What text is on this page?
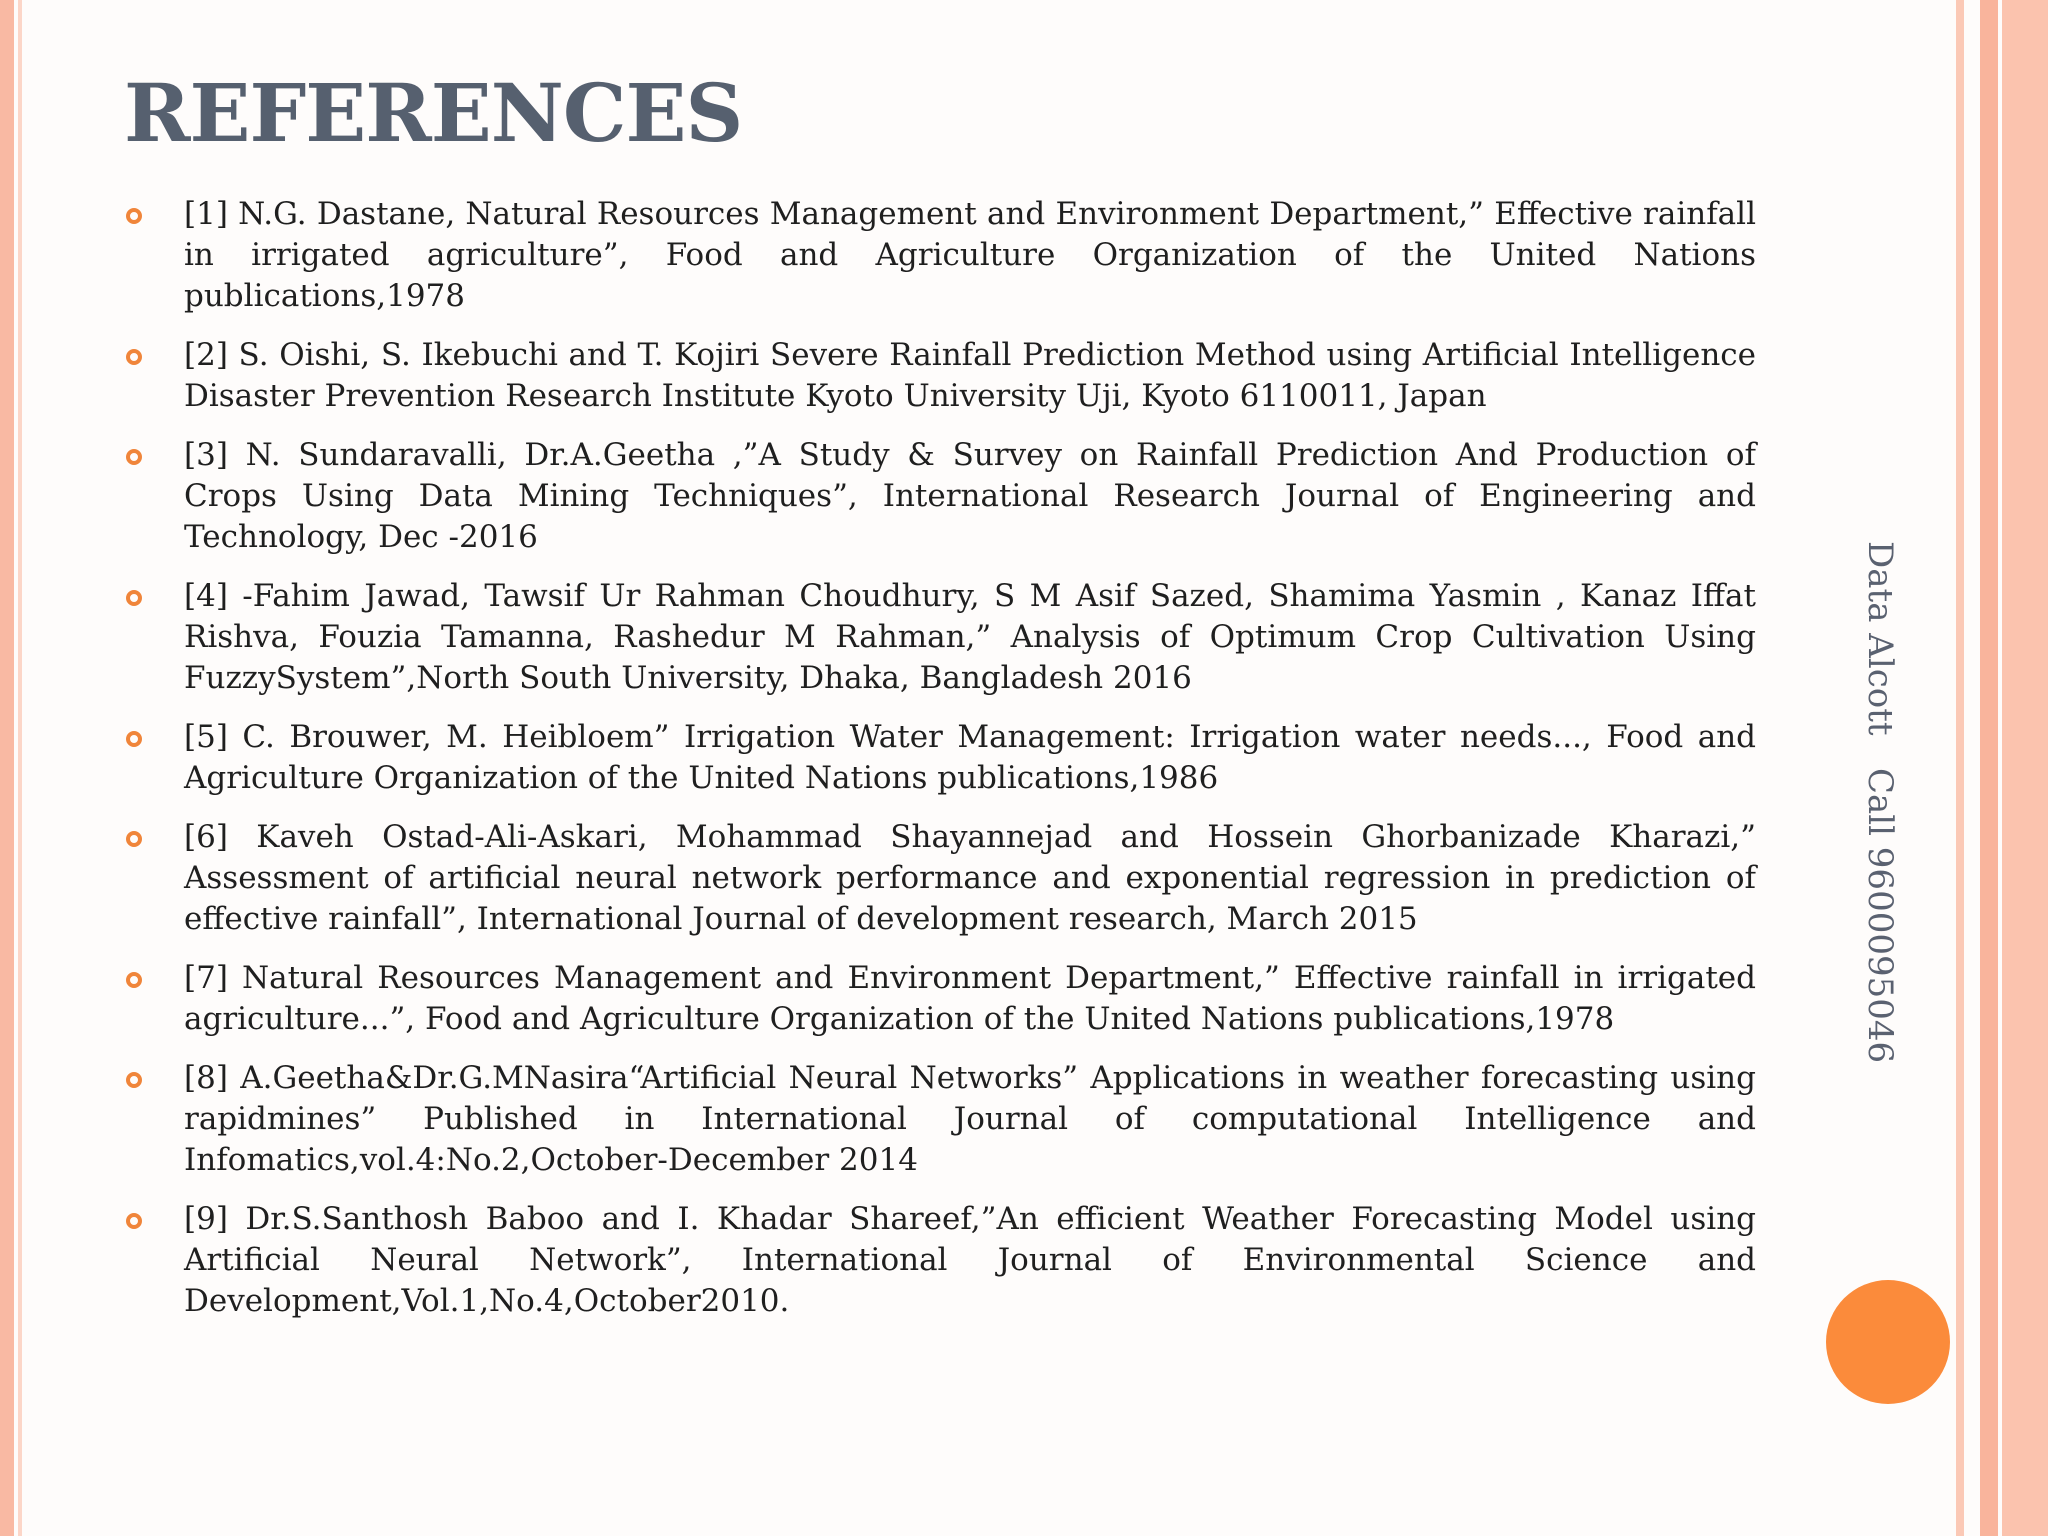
REFERENCES
[1] N.G. Dastane, Natural Resources Management and Environment Department,” Effective rainfall in irrigated agriculture”, Food and Agriculture Organization of the United Nations publications,1978
[2] S. Oishi, S. Ikebuchi and T. Kojiri Severe Rainfall Prediction Method using Artificial Intelligence Disaster Prevention Research Institute Kyoto University Uji, Kyoto 6110011, Japan
[3] N. Sundaravalli, Dr.A.Geetha ,”A Study & Survey on Rainfall Prediction And Production of Crops Using Data Mining Techniques”, International Research Journal of Engineering and Technology, Dec -2016
[4] -Fahim Jawad, Tawsif Ur Rahman Choudhury, S M Asif Sazed, Shamima Yasmin , Kanaz Iffat Rishva, Fouzia Tamanna, Rashedur M Rahman,” Analysis of Optimum Crop Cultivation Using FuzzySystem”,North South University, Dhaka, Bangladesh 2016
[5] C. Brouwer, M. Heibloem” Irrigation Water Management: Irrigation water needs..., Food and Agriculture Organization of the United Nations publications,1986
[6] Kaveh Ostad-Ali-Askari, Mohammad Shayannejad and Hossein Ghorbanizade Kharazi,” Assessment of artificial neural network performance and exponential regression in prediction of effective rainfall”, International Journal of development research, March 2015
[7] Natural Resources Management and Environment Department,” Effective rainfall in irrigated agriculture...”, Food and Agriculture Organization of the United Nations publications,1978
[8] A.Geetha&Dr.G.MNasira“Artificial Neural Networks” Applications in weather forecasting using rapidmines” Published in International Journal of computational Intelligence and Infomatics,vol.4:No.2,October-December 2014
[9] Dr.S.Santhosh Baboo and I. Khadar Shareef,”An efficient Weather Forecasting Model using Artificial Neural Network”, International Journal of Environmental Science and Development,Vol.1,No.4,October2010.
Data Alcott   Call 9600095046
